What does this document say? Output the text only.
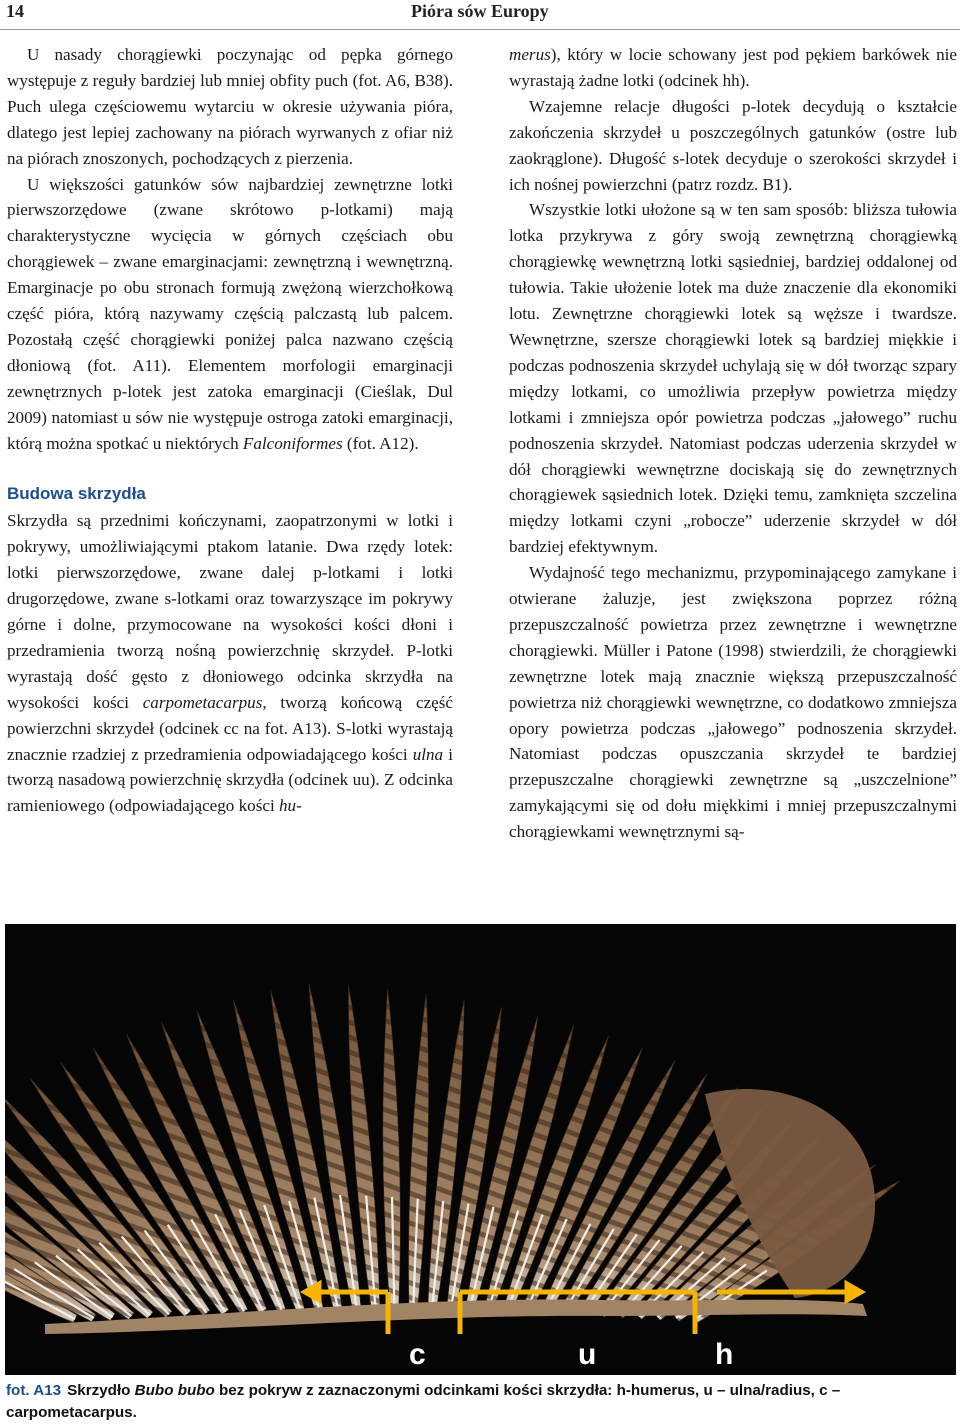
14	Pióra sów Europy

U nasady chorągiewki poczynając od pępka górnego występuje z reguły bardziej lub mniej obfity puch (fot. A6, B38). Puch ulega częściowemu wytarciu w okresie używania pióra, dlatego jest lepiej zachowany na piórach wyrwanych z ofiar niż na piórach znoszonych, pochodzących z pierzenia.

U większości gatunków sów najbardziej zewnętrzne lotki pierwszorzędowe (zwane skrótowo p-lotkami) mają charakterystyczne wycięcia w górnych częściach obu chorągiewek – zwane emarginacjami: zewnętrzną i wewnętrzną. Emarginacje po obu stronach formują zwężoną wierzchołkową część pióra, którą nazywamy częścią palczastą lub palcem. Pozostałą część chorągiewki poniżej palca nazwano częścią dłoniową (fot. A11). Elementem morfologii emarginacji zewnętrznych p-lotek jest zatoka emarginacji (Cieślak, Dul 2009) natomiast u sów nie występuje ostroga zatoki emarginacji, którą można spotkać u niektórych Falconiformes (fot. A12).

Budowa skrzydła

Skrzydła są przednimi kończynami, zaopatrzonymi w lotki i pokrywy, umożliwiającymi ptakom latanie. Dwa rzędy lotek: lotki pierwszorzędowe, zwane dalej p-lotkami i lotki drugorzędowe, zwane s-lotkami oraz towarzyszące im pokrywy górne i dolne, przymocowane na wysokości kości dłoni i przedramienia tworzą nośną powierzchnię skrzydeł. P-lotki wyrastają dość gęsto z dłoniowego odcinka skrzydła na wysokości kości carpometacarpus, tworzą końcową część powierzchni skrzydeł (odcinek cc na fot. A13). S-lotki wyrastają znacznie rzadziej z przedramienia odpowiadającego kości ulna i tworzą nasadową powierzchnię skrzydła (odcinek uu). Z odcinka ramieniowego (odpowiadającego kości hu-

merus), który w locie schowany jest pod pękiem barkówek nie wyrastają żadne lotki (odcinek hh).

Wzajemne relacje długości p-lotek decydują o kształcie zakończenia skrzydeł u poszczególnych gatunków (ostre lub zaokrąglone). Długość s-lotek decyduje o szerokości skrzydeł i ich nośnej powierzchni (patrz rozdz. B1).

Wszystkie lotki ułożone są w ten sam sposób: bliższa tułowia lotka przykrywa z góry swoją zewnętrzną chorągiewką chorągiewkę wewnętrzną lotki sąsiedniej, bardziej oddalonej od tułowia. Takie ułożenie lotek ma duże znaczenie dla ekonomiki lotu. Zewnętrzne chorągiewki lotek są węższe i twardsze. Wewnętrzne, szersze chorągiewki lotek są bardziej miękkie i podczas podnoszenia skrzydeł uchylają się w dół tworząc szpary między lotkami, co umożliwia przepływ powietrza między lotkami i zmniejsza opór powietrza podczas „jałowego” ruchu podnoszenia skrzydeł. Natomiast podczas uderzenia skrzydeł w dół chorągiewki wewnętrzne dociskają się do zewnętrznych chorągiewek sąsiednich lotek. Dzięki temu, zamknięta szczelina między lotkami czyni „robocze” uderzenie skrzydeł w dół bardziej efektywnym.

Wydajność tego mechanizmu, przypominającego zamykane i otwierane żaluzje, jest zwiększona poprzez różną przepuszczalność powietrza przez zewnętrzne i wewnętrzne chorągiewki. Müller i Patone (1998) stwierdzili, że chorągiewki zewnętrzne lotek mają znacznie większą przepuszczalność powietrza niż chorągiewki wewnętrzne, co dodatkowo zmniejsza opory powietrza podczas „jałowego” podnoszenia skrzydeł. Natomiast podczas opuszczania skrzydeł te bardziej przepuszczalne chorągiewki zewnętrzne są „uszczelnione” zamykającymi się od dołu miękkimi i mniej przepuszczalnymi chorągiewkami wewnętrznymi są-

c	u	h
fot. A13 Skrzydło Bubo bubo bez pokryw z zaznaczonymi odcinkami kości skrzydła: h-humerus, u – ulna/radius, c – carpometacarpus.
